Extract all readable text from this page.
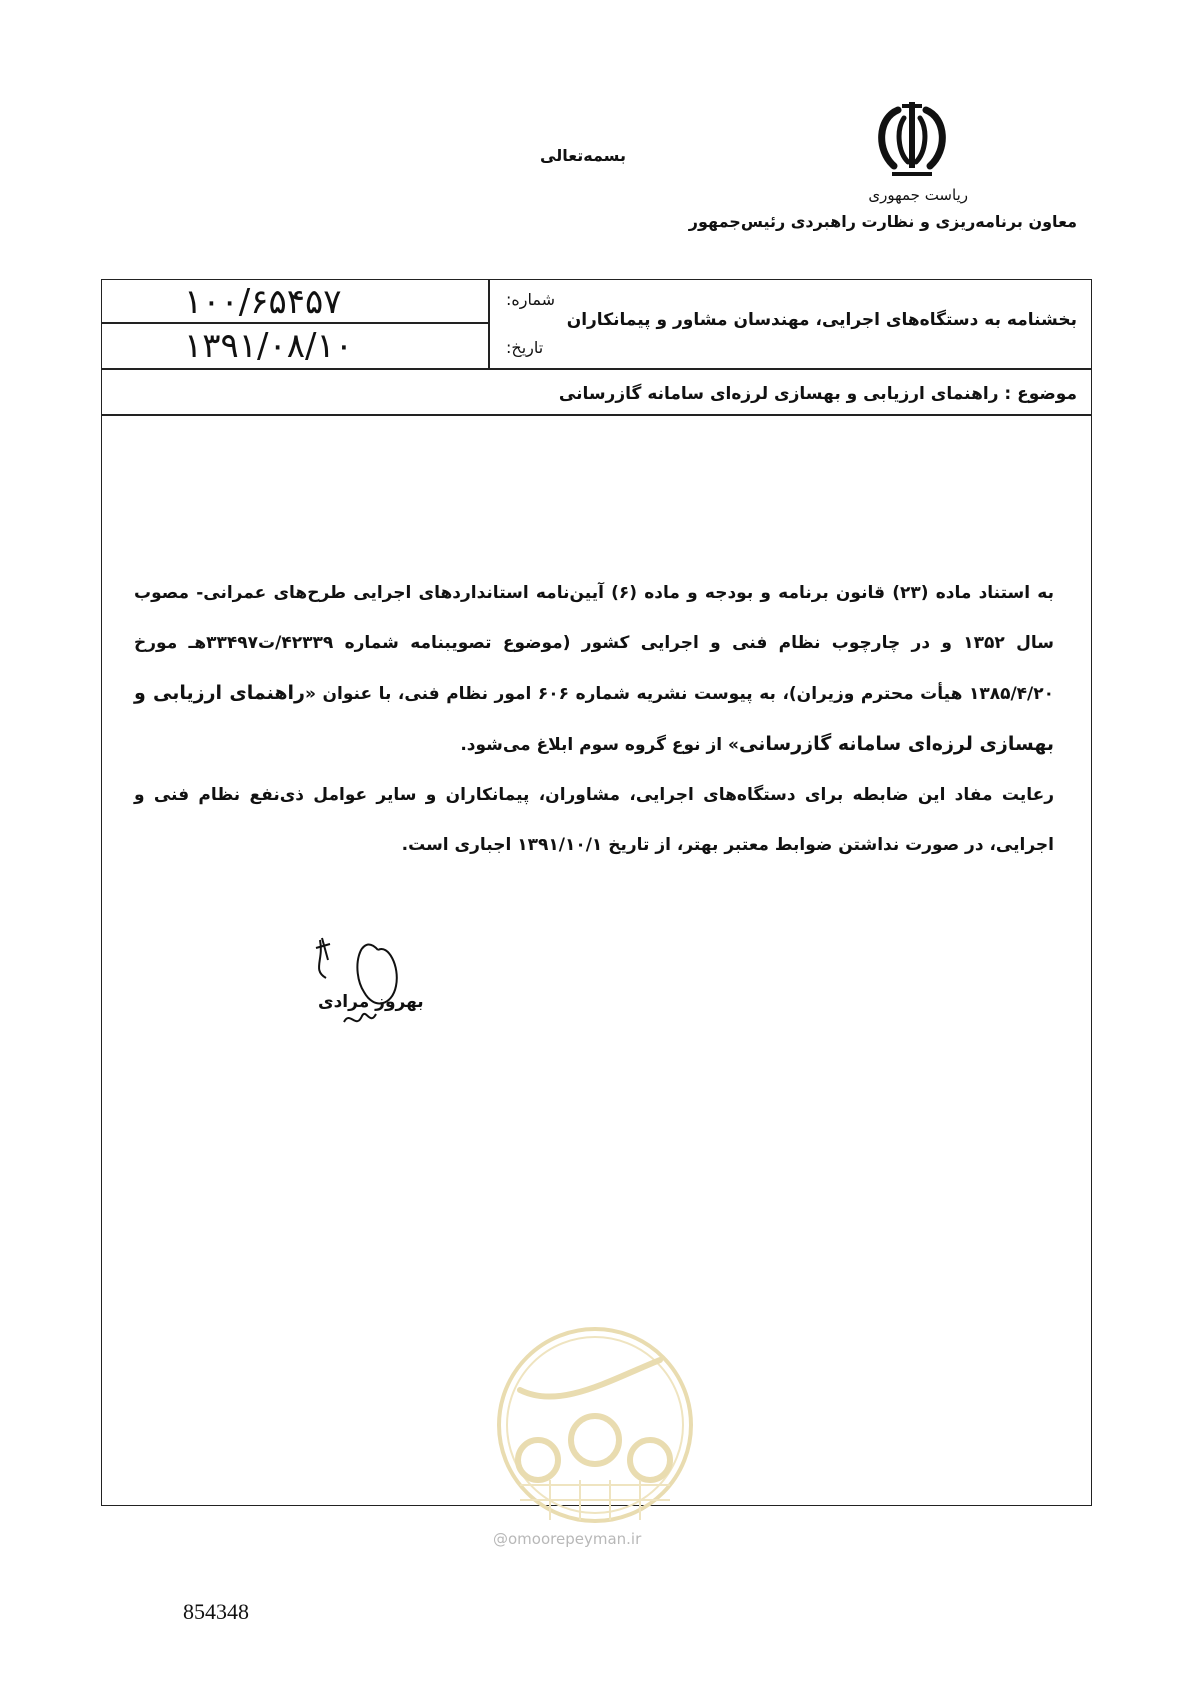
ریاست جمهوری
معاون برنامه‌ریزی و نظارت راهبردی رئیس‌جمهور
بسمه‌تعالی
بخشنامه به دستگاه‌های اجرایی، مهندسان مشاور و پیمانکاران
شماره:
۱۰۰/۶۵۴۵۷
تاریخ:
۱۳۹۱/۰۸/۱۰
موضوع : راهنمای ارزیابی و بهسازی لرزه‌ای سامانه گازرسانی

به استناد ماده (۲۳) قانون برنامه و بودجه و ماده (۶) آیین‌نامه استانداردهای اجرایی طرح‌های عمرانی- مصوب سال ۱۳۵۲ و در چارچوب نظام فنی و اجرایی کشور (موضوع تصویبنامه شماره ۴۲۳۳۹/ت۳۳۴۹۷هـ مورخ ۱۳۸۵/۴/۲۰ هیأت محترم وزیران)، به پیوست نشریه شماره ۶۰۶ امور نظام فنی، با عنوان «راهنمای ارزیابی و بهسازی لرزه‌ای سامانه گازرسانی» از نوع گروه سوم ابلاغ می‌شود.

رعایت مفاد این ضابطه برای دستگاه‌های اجرایی، مشاوران، پیمانکاران و سایر عوامل ذی‌نفع نظام فنی و اجرایی، در صورت نداشتن ضوابط معتبر بهتر، از تاریخ ۱۳۹۱/۱۰/۱ اجباری است.

بهروز مرادی
@omoorepeyman.ir
854348
